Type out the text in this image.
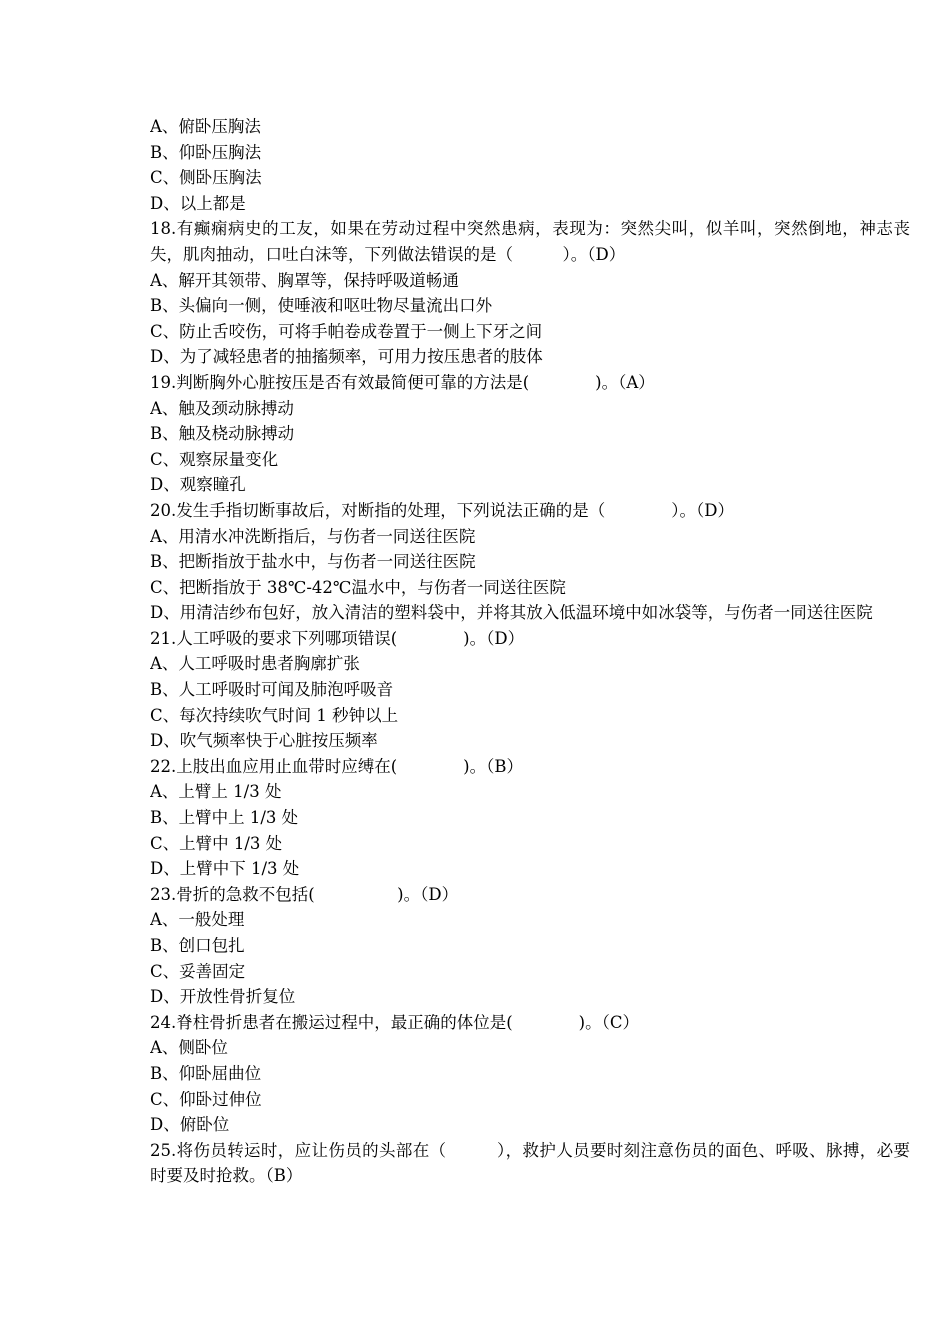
A、俯卧压胸法
B、仰卧压胸法
C、侧卧压胸法
D、以上都是
18.有癫痫病史的工友，如果在劳动过程中突然患病，表现为：突然尖叫，似羊叫，突然倒地，神志丧失，肌肉抽动，口吐白沫等，下列做法错误的是（　　　）。（D）
A、解开其领带、胸罩等，保持呼吸道畅通
B、头偏向一侧，使唾液和呕吐物尽量流出口外
C、防止舌咬伤，可将手帕卷成卷置于一侧上下牙之间
D、为了减轻患者的抽搐频率，可用力按压患者的肢体
19.判断胸外心脏按压是否有效最简便可靠的方法是(　　　　)。（A）
A、触及颈动脉搏动
B、触及桡动脉搏动
C、观察尿量变化
D、观察瞳孔
20.发生手指切断事故后，对断指的处理，下列说法正确的是（　　　　）。（D）
A、用清水冲洗断指后，与伤者一同送往医院
B、把断指放于盐水中，与伤者一同送往医院
C、把断指放于 38℃-42℃温水中，与伤者一同送往医院
D、用清洁纱布包好，放入清洁的塑料袋中，并将其放入低温环境中如冰袋等，与伤者一同送往医院
21.人工呼吸的要求下列哪项错误(　　　　)。（D）
A、人工呼吸时患者胸廓扩张
B、人工呼吸时可闻及肺泡呼吸音
C、每次持续吹气时间 1 秒钟以上
D、吹气频率快于心脏按压频率
22.上肢出血应用止血带时应缚在(　　　　)。（B）
A、上臂上 1/3 处
B、上臂中上 1/3 处
C、上臂中 1/3 处
D、上臂中下 1/3 处
23.骨折的急救不包括(　　　　　)。（D）
A、一般处理
B、创口包扎
C、妥善固定
D、开放性骨折复位
24.脊柱骨折患者在搬运过程中，最正确的体位是(　　　　)。（C）
A、侧卧位
B、仰卧屈曲位
C、仰卧过伸位
D、俯卧位
25.将伤员转运时，应让伤员的头部在（　　　），救护人员要时刻注意伤员的面色、呼吸、脉搏，必要时要及时抢救。（B）
